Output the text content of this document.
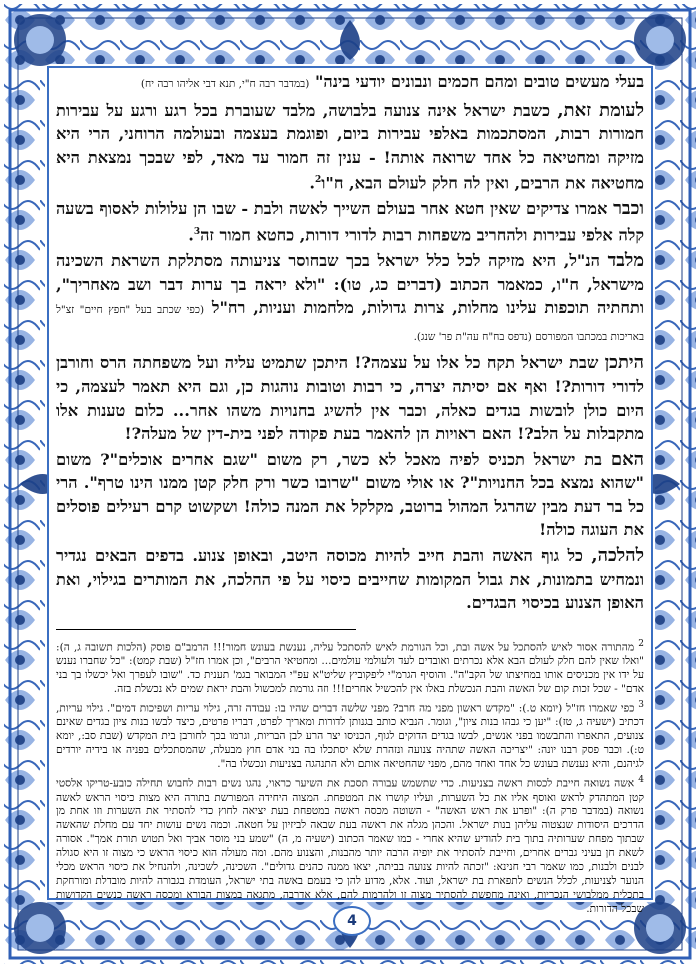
בעלי מעשים טובים ומהם חכמים ונבונים יודעי בינה" (במדבר רבה ח"י, תנא דבי אליהו רבה יח)

לעומת זאת, כשבת ישראל אינה צנועה בלבושה, מלבד שעוברת בכל רגע ורגע על עבירות חמורות רבות, המסתכמות באלפי עבירות ביום, ופוגמת בעצמה ובעולמה הרוחני, הרי היא מזיקה ומחטיאה כל אחד שרואה אותה! - ענין זה חמור עד מאד, לפי שבכך נמצאת היא מחטיאה את הרבים, ואין לה חלק לעולם הבא, ח"ו$^2$.

וכבר אמרו צדיקים שאין חטא אחר בעולם השייך לאשה ולבת - שבו הן עלולות לאסוף בשעה קלה אלפי עבירות ולהחריב משפחות רבות לדורי דורות, כחטא חמור זה$^3$.

מלבד הנ"ל, היא מזיקה לכל כלל ישראל בכך שבחוסר צניעותה מסתלקת השראת השכינה מישראל, ח"ו, כמאמר הכתוב (דברים כג, טו): "ולא יראה בך ערות דבר ושב מאחריך", ותחתיה תוכפות עלינו מחלות, צרות גדולות, מלחמות ועניות, רח"ל (כפי שכתב בעל "חפץ חיים" זצ"ל באריכות במכתבו המפורסם (נדפס בח"ח עה"ת פר' שנג).

היתכן שבת ישראל תקח כל אלו על עצמה?! היתכן שתמיט עליה ועל משפחתה הרס וחורבן לדורי דורות?! ואף אם יסיתה יצרה, כי רבות וטובות נוהגות כן, וגם היא תאמר לעצמה, כי היום כולן לובשות בגדים כאלה, וכבר אין להשיג בחנויות משהו אחר... כלום טענות אלו מתקבלות על הלב?! האם ראויות הן להאמר בעת פקודה לפני בית-דין של מעלה?!

האם בת ישראל תכניס לפיה מאכל לא כשר, רק משום "שגם אחרים אוכלים"? משום "שהוא נמצא בכל החנויות"? או אולי משום "שרובו כשר ורק חלק קטן ממנו הינו טרף". הרי כל בר דעת מבין שהרגל המהול ברוטב, מקלקל את המנה כולה! ושקשוט קרם רעילים פוסלים את העוגה כולה!

להלכה, כל גוף האשה והבת חייב להיות מכוסה היטב, ובאופן צנוע. בדפים הבאים נגדיר ונמחיש בתמונות, את גבול המקומות שחייבים כיסוי על פי ההלכה, את המותרים בגילוי, ואת האופן הצנוע בכיסוי הבגדים.

$^2$ מהתורה אסור לאיש להסתכל על אשה ובת, וכל הגורמת לאיש להסתכל עליה, נענשת בעונש חמור!!! הרמב"ם פוסק (הלכות תשובה ג, ה): "ואלו שאין להם חלק לעולם הבא אלא נכרתים ואובדים לעד ולעולמי עולמים... ומחטיאי הרבים", וכן אמרו חז"ל (שבת קמט): "כל שחברו נענש על ידו אין מכניסים אותו במחיצתו של הקב"ה". והוסיף הגרמ"י ליפקוביץ שליט"א עפ"י המבואר בגמ' תענית כד. "שובו לעפרך ואל יכשלו בך בני אדם" - שכל זכות קום של האשה והבת הנכשלת באלו אין להכשיל אחרים!!! וזה גורמת למכשול והבת יראת שמים לא נכשלת בזה.

$^3$ כפי שאמרו חז"ל (יומא ט.): "מקדש ראשון מפני מה חרב? מפני שלשה דברים שהיו בו: עבודה זרה, גילוי עריות ושפיכות דמים". גילוי עריות, דכתיב (ישעיה ג, טז): "יען כי גבהו בנות ציון", וגומר. הנביא כותב בגנותן לדורות ומאריך לפרט, דבריו פרטים, כיצד לבשו בנות ציון בגדים שאינם צנועים, התאפרו והתבשמו בפני אנשים, לבשו בגדים הדוקים לגוף, הכניסו יצר הרע לבן הבריות, וגרמו בכך לחורבן בית המקדש (שבת סב:, יומא ט:). וכבר פסק רבנו יונה: "יצריכה האשה שתהיה צנועה ונזהרת שלא יסתכלו בה בני אדם חוץ מבעלה, שהמסתכלים בפניה או בידיה יורדים לגיהנם, והיא נענשת בעונש כל אחד ואחד מהם, מפני שהחטיאה אותם ולא התנהגה בצניעות ונכשלו בה".

$^4$ אשה נשואה חייבת לכסות ראשה בצניעות. כדי שתשמש עבורה תסכת את השיער כראוי, נהגו נשים רבות לחבוש תחילה כובע-טריקו אלסטי קטן המתהדק לראש ואוסף אליו את כל השערות, ועליו קושרו את המטפחת. המצוה היחידה המפורשת בתורה היא מצות כיסוי הראש לאשה נשואה (במדבר פרק ה): "ופרע את ראש האשה" - השוטה מכסה ראשה במטפחת בעת יציאה לחוץ כדי להסתיר את השערות וזו אחת מן הדרכים היסודות שנצטוה עליהן בנות ישראל. והכהן מגלה את ראשה בעת שבאה לביזיון על חטאה. וכמה נשים עושות יחד עם מחלת שהאשה שבתוך מפחת שערותיה בתוך בית להודיע שהיא אחרי - כמו שאמר הכתוב (ישעיה מ, ה) "שמע בני מוסר אביך ואל תטוש תורת אמך". אסורה לשאת חן בעיני גברים אחרים, וחייבת להסתיר את יופיה הרבה יותר מהבנות, והצנוע מהם. ומה מעולה הוא כיסוי הראש כי מצוה זו היא סגולה לבנים ולבנות, כמו שאמר רבי חנינא: "זכתה להיות צנועה בביתה, יצאו ממנה כהנים גדולים". השכינה, לשכינה, ולהנחיל את כיסוי הראש מכלי הנוער לצניעות, לכלל הנשים לתפארת בת ישראל, ועוד. אלא, מדוע להן כי בעמם באשה בתי ישראל, העומדת בגבורה להיות מובדלת ומורחקת בתכלית ממלבושי הנכריות, ואינה מחפשת להסתיר מצוה זו ולהרמות להם, אלא אדרבה, מתגאה במצות הבורא ומכסה ראשה כנשים הקדושות שבכל הדורות.

4
